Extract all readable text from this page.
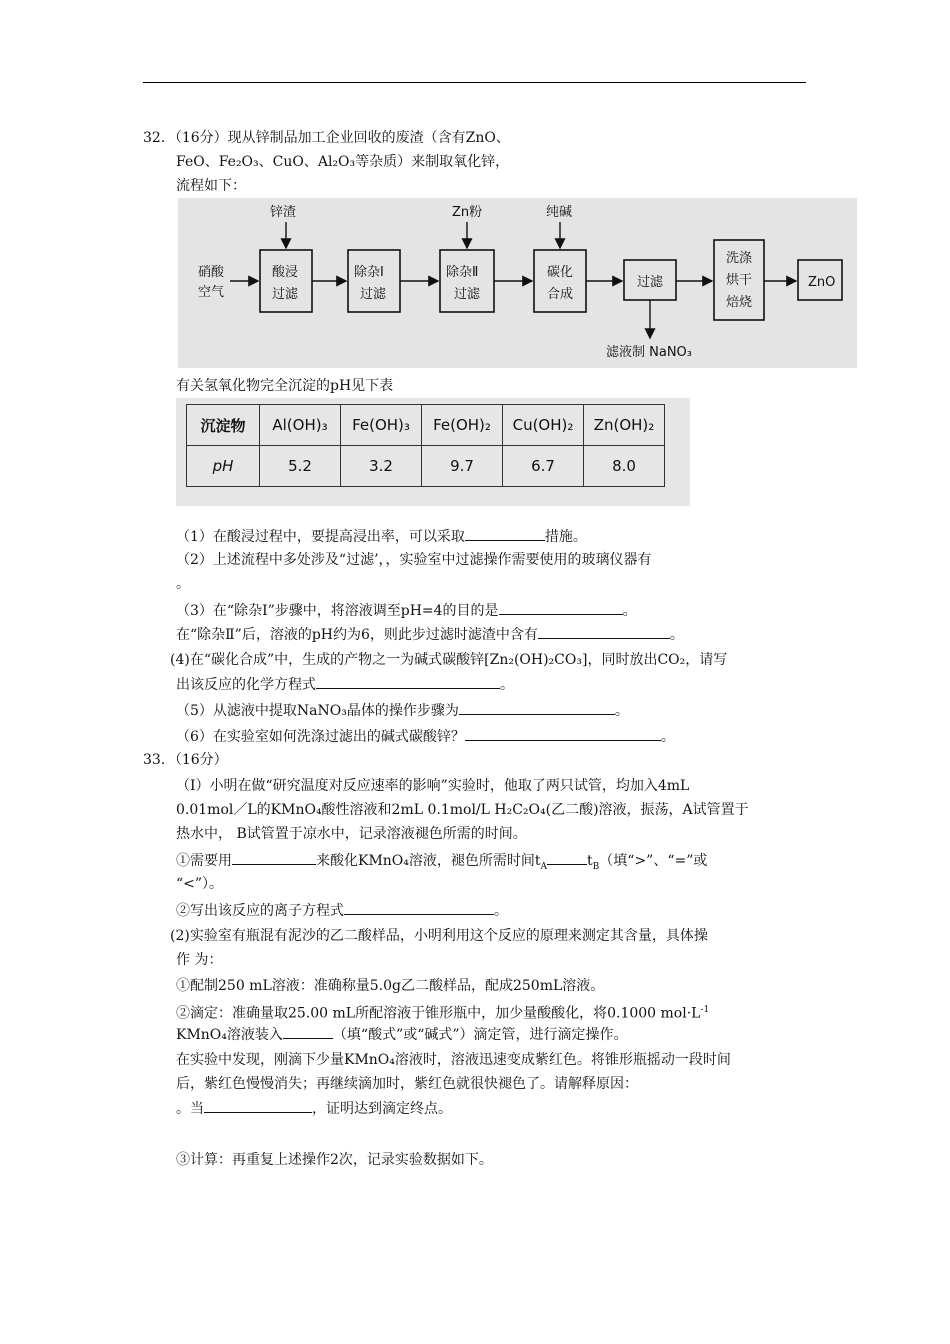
32．（16分）现从锌制品加工企业回收的废渣（含有ZnO、
FeO、Fe₂O₃、CuO、Al₂O₃等杂质）来制取氧化锌，
流程如下：
锌渣	Zn粉	纯碱
硝酸
空气
酸浸
过滤
除杂Ⅰ
过滤
除杂Ⅱ
过滤
碳化
合成
过滤
洗涤
烘干
焙烧
ZnO
滤液制 NaNO₃
有关氢氧化物完全沉淀的pH见下表
沉淀物	Al(OH)₃	Fe(OH)₃	Fe(OH)₂	Cu(OH)₂	Zn(OH)₂
pH	5.2	3.2	9.7	6.7	8.0
（1）在酸浸过程中，要提高浸出率，可以采取	措施。
（2）上述流程中多处涉及“过滤’，，实验室中过滤操作需要使用的玻璃仪器有
。
（3）在“除杂Ⅰ”步骤中，将溶液调至pH=4的目的是	。
在“除杂Ⅱ”后，溶液的pH约为6，则此步过滤时滤渣中含有	。
(4)在“碳化合成”中，生成的产物之一为碱式碳酸锌[Zn₂(OH)₂CO₃]，同时放出CO₂，请写
出该反应的化学方程式	。
（5）从滤液中提取NaNO₃晶体的操作步骤为	。
（6）在实验室如何洗涤过滤出的碱式碳酸锌？	。
33．（16分）
（Ⅰ）小明在做“研究温度对反应速率的影响”实验时，他取了两只试管，均加入4mL
0.01mol／L的KMnO₄酸性溶液和2mL 0.1mol/L H₂C₂O₄(乙二酸)溶液，振荡，A试管置于
热水中， B试管置于凉水中，记录溶液褪色所需的时间。
①需要用	来酸化KMnO₄溶液，褪色所需时间$t_A$	$t_B$（填“>”、“=”或
“<”）。
②写出该反应的离子方程式	。
(2)实验室有瓶混有泥沙的乙二酸样品，小明利用这个反应的原理来测定其含量，具体操
作 为：
①配制250 mL溶液：准确称量5.0g乙二酸样品，配成250mL溶液。
②滴定：准确量取25.00 mL所配溶液于锥形瓶中，加少量酸酸化，将0.1000 $mol\cdot L^{-1}$
KMnO₄溶液装入	（填“酸式”或“碱式”）滴定管，进行滴定操作。
在实验中发现，刚滴下少量KMnO₄溶液时，溶液迅速变成紫红色。将锥形瓶摇动一段时间
后，紫红色慢慢消失；再继续滴加时，紫红色就很快褪色了。请解释原因：
。当	，证明达到滴定终点。
③计算：再重复上述操作2次，记录实验数据如下。
